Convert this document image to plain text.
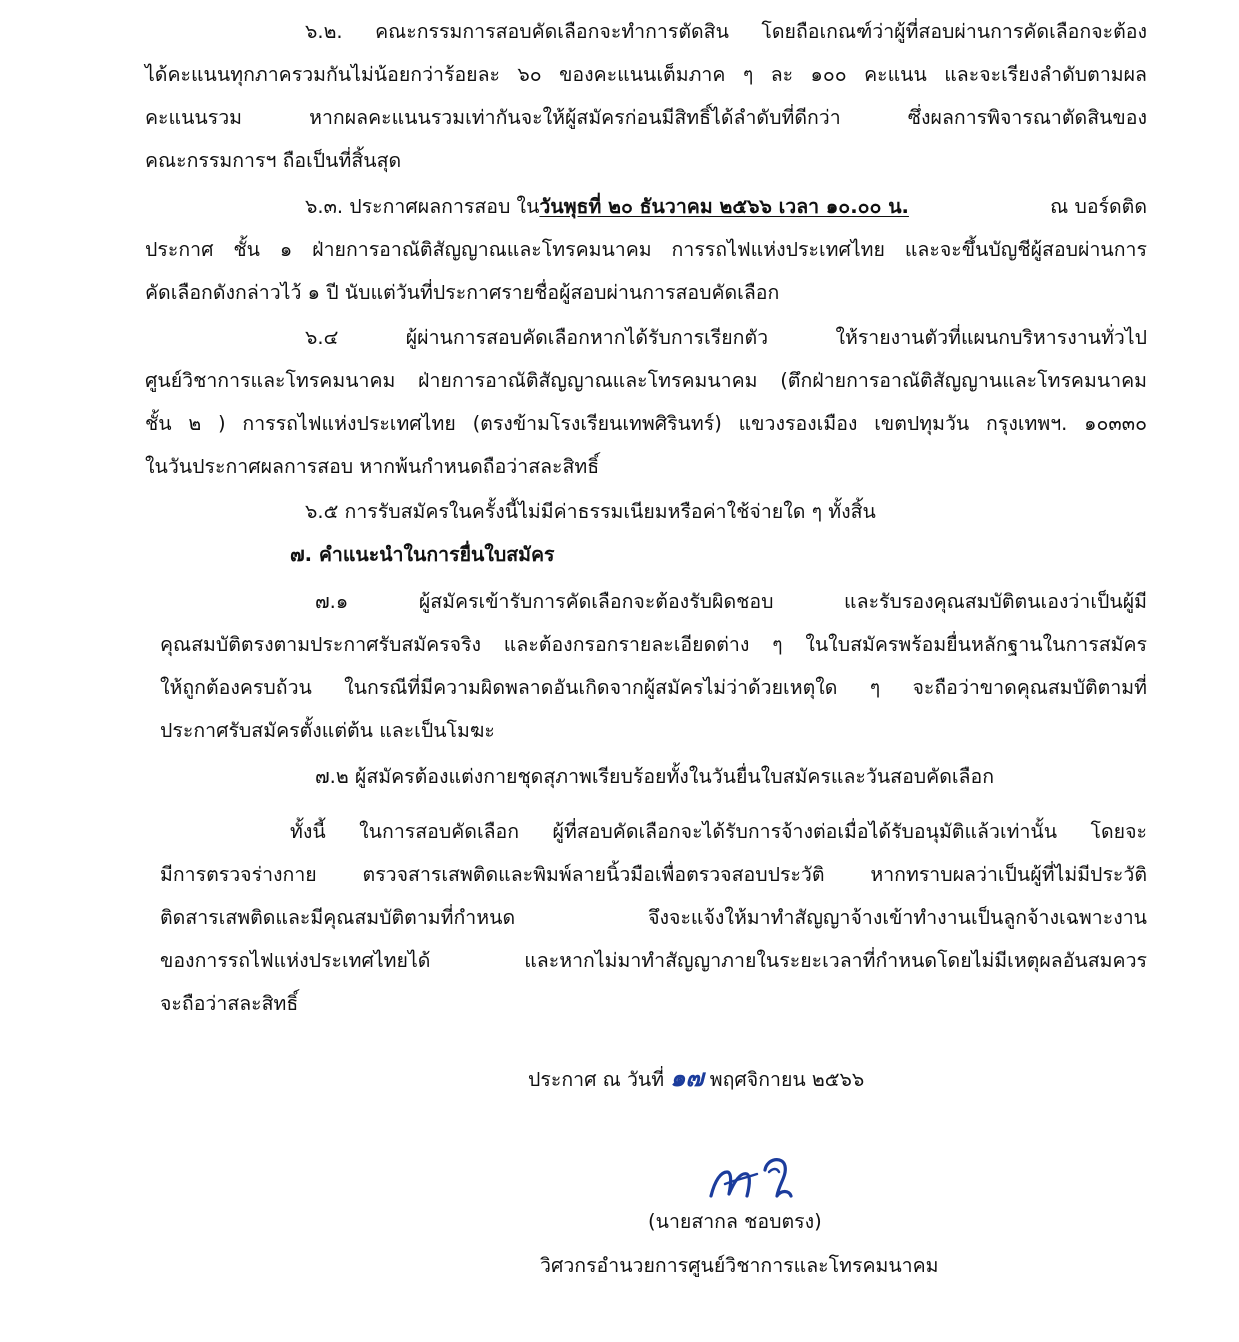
๖.๒. คณะกรรมการสอบคัดเลือกจะทำการตัดสิน โดยถือเกณฑ์ว่าผู้ที่สอบผ่านการคัดเลือกจะต้อง
ได้คะแนนทุกภาครวมกันไม่น้อยกว่าร้อยละ ๖๐ ของคะแนนเต็มภาค ๆ ละ ๑๐๐ คะแนน และจะเรียงลำดับตามผล
คะแนนรวม หากผลคะแนนรวมเท่ากันจะให้ผู้สมัครก่อนมีสิทธิ์ได้ลำดับที่ดีกว่า ซึ่งผลการพิจารณาตัดสินของ
คณะกรรมการฯ ถือเป็นที่สิ้นสุด
๖.๓. ประกาศผลการสอบ ในวันพุธที่ ๒๐ ธันวาคม ๒๕๖๖ เวลา ๑๐.๐๐ น.	ณ บอร์ดติด
ประกาศ ชั้น ๑ ฝ่ายการอาณัติสัญญาณและโทรคมนาคม การรถไฟแห่งประเทศไทย และจะขึ้นบัญชีผู้สอบผ่านการ
คัดเลือกดังกล่าวไว้ ๑ ปี นับแต่วันที่ประกาศรายชื่อผู้สอบผ่านการสอบคัดเลือก
๖.๔ ผู้ผ่านการสอบคัดเลือกหากได้รับการเรียกตัว ให้รายงานตัวที่แผนกบริหารงานทั่วไป
ศูนย์วิชาการและโทรคมนาคม ฝ่ายการอาณัติสัญญาณและโทรคมนาคม (ตึกฝ่ายการอาณัติสัญญานและโทรคมนาคม
ชั้น ๒ ) การรถไฟแห่งประเทศไทย (ตรงข้ามโรงเรียนเทพศิรินทร์) แขวงรองเมือง เขตปทุมวัน กรุงเทพฯ. ๑๐๓๓๐
ในวันประกาศผลการสอบ หากพ้นกำหนดถือว่าสละสิทธิ์
๖.๕ การรับสมัครในครั้งนี้ไม่มีค่าธรรมเนียมหรือค่าใช้จ่ายใด ๆ ทั้งสิ้น
๗. คำแนะนำในการยื่นใบสมัคร
๗.๑ ผู้สมัครเข้ารับการคัดเลือกจะต้องรับผิดชอบ และรับรองคุณสมบัติตนเองว่าเป็นผู้มี
คุณสมบัติตรงตามประกาศรับสมัครจริง และต้องกรอกรายละเอียดต่าง ๆ ในใบสมัครพร้อมยื่นหลักฐานในการสมัคร
ให้ถูกต้องครบถ้วน ในกรณีที่มีความผิดพลาดอันเกิดจากผู้สมัครไม่ว่าด้วยเหตุใด ๆ จะถือว่าขาดคุณสมบัติตามที่
ประกาศรับสมัครตั้งแต่ต้น และเป็นโมฆะ
๗.๒ ผู้สมัครต้องแต่งกายชุดสุภาพเรียบร้อยทั้งในวันยื่นใบสมัครและวันสอบคัดเลือก
ทั้งนี้ ในการสอบคัดเลือก ผู้ที่สอบคัดเลือกจะได้รับการจ้างต่อเมื่อได้รับอนุมัติแล้วเท่านั้น โดยจะ
มีการตรวจร่างกาย ตรวจสารเสพติดและพิมพ์ลายนิ้วมือเพื่อตรวจสอบประวัติ หากทราบผลว่าเป็นผู้ที่ไม่มีประวัติ
ติดสารเสพติดและมีคุณสมบัติตามที่กำหนด จึงจะแจ้งให้มาทำสัญญาจ้างเข้าทำงานเป็นลูกจ้างเฉพาะงาน
ของการรถไฟแห่งประเทศไทยได้ และหากไม่มาทำสัญญาภายในระยะเวลาที่กำหนดโดยไม่มีเหตุผลอันสมควร
จะถือว่าสละสิทธิ์
ประกาศ ณ วันที่ ๑๗ พฤศจิกายน ๒๕๖๖
(นายสากล ชอบตรง)
วิศวกรอำนวยการศูนย์วิชาการและโทรคมนาคม
